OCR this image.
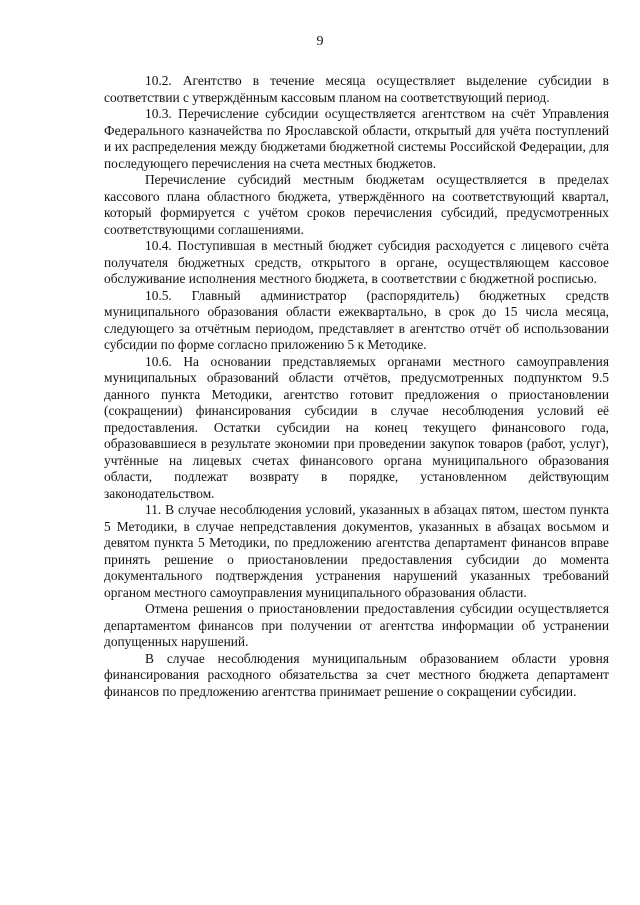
9

10.2. Агентство в течение месяца осуществляет выделение субсидии в соответствии с утверждённым кассовым планом на соответствующий период.

10.3. Перечисление субсидии осуществляется агентством на счёт Управления Федерального казначейства по Ярославской области, открытый для учёта поступлений и их распределения между бюджетами бюджетной системы Российской Федерации, для последующего перечисления на счета местных бюджетов.

Перечисление субсидий местным бюджетам осуществляется в пределах кассового плана областного бюджета, утверждённого на соответствующий квартал, который формируется с учётом сроков перечисления субсидий, предусмотренных соответствующими соглашениями.

10.4. Поступившая в местный бюджет субсидия расходуется с лицевого счёта получателя бюджетных средств, открытого в органе, осуществляющем кассовое обслуживание исполнения местного бюджета, в соответствии с бюджетной росписью.

10.5. Главный администратор (распорядитель) бюджетных средств муниципального образования области ежеквартально, в срок до 15 числа месяца, следующего за отчётным периодом, представляет в агентство отчёт об использовании субсидии по форме согласно приложению 5 к Методике.

10.6. На основании представляемых органами местного самоуправления муниципальных образований области отчётов, предусмотренных подпунктом 9.5 данного пункта Методики, агентство готовит предложения о приостановлении (сокращении) финансирования субсидии в случае несоблюдения условий её предоставления. Остатки субсидии на конец текущего финансового года, образовавшиеся в результате экономии при проведении закупок товаров (работ, услуг), учтённые на лицевых счетах финансового органа муниципального образования области, подлежат возврату в порядке, установленном действующим законодательством.

11. В случае несоблюдения условий, указанных в абзацах пятом, шестом пункта 5 Методики, в случае непредставления документов, указанных в абзацах восьмом и девятом пункта 5 Методики, по предложению агентства департамент финансов вправе принять решение о приостановлении предоставления субсидии до момента документального подтверждения устранения нарушений указанных требований органом местного самоуправления муниципального образования области.

Отмена решения о приостановлении предоставления субсидии осуществляется департаментом финансов при получении от агентства информации об устранении допущенных нарушений.

В случае несоблюдения муниципальным образованием области уровня финансирования расходного обязательства за счет местного бюджета департамент финансов по предложению агентства принимает решение о сокращении субсидии.
